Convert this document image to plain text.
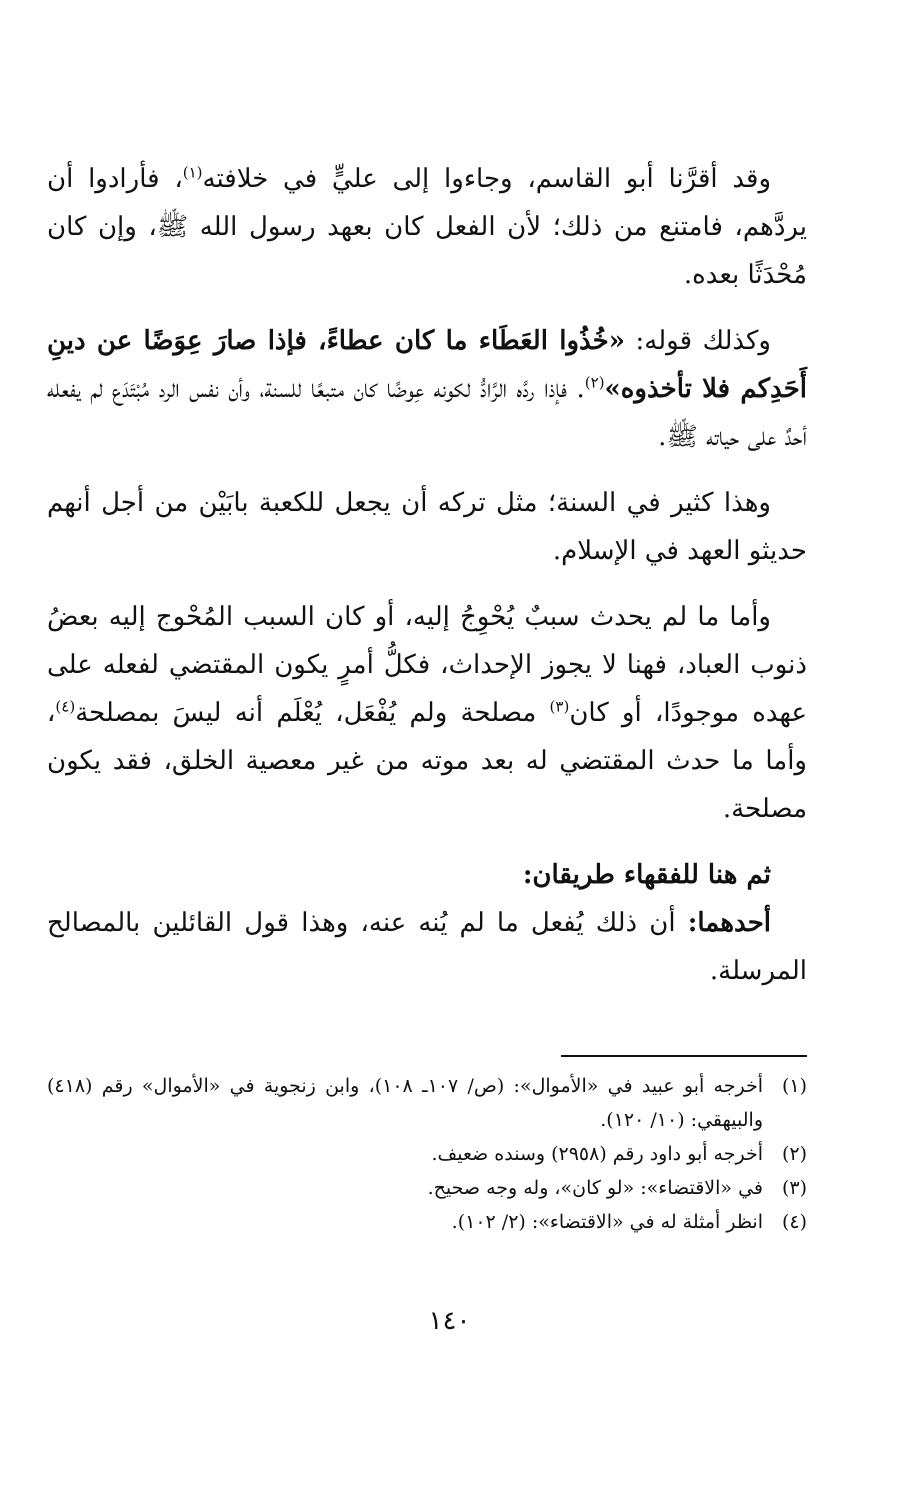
وقد أقرَّنا أبو القاسم، وجاءوا إلى عليٍّ في خلافته$^{(١)}$، فأرادوا أن يردَّهم، فامتنع من ذلك؛ لأن الفعل كان بعهد رسول الله ﷺ، وإن كان مُحْدَثًا بعده.

وكذلك قوله: «خُذُوا العَطَاء ما كان عطاءً، فإذا صارَ عِوَضًا عن دينِ أَحَدِكم فلا تأخذوه»$^{(٢)}$. فإذا ردَّه الرَّادُّ لكونه عِوضًا كان متبعًا للسنة، وأن نفس الرد مُبْتَدَع لم يفعله أحدٌ على حياته ﷺ.

وهذا كثير في السنة؛ مثل تركه أن يجعل للكعبة بابَيْن من أجل أنهم حديثو العهد في الإسلام.

وأما ما لم يحدث سببٌ يُحْوِجُ إليه، أو كان السبب المُحْوج إليه بعضُ ذنوب العباد، فهنا لا يجوز الإحداث، فكلُّ أمرٍ يكون المقتضي لفعله على عهده موجودًا، أو كان$^{(٣)}$ مصلحة ولم يُفْعَل، يُعْلَم أنه ليسَ بمصلحة$^{(٤)}$، وأما ما حدث المقتضي له بعد موته من غير معصية الخلق، فقد يكون مصلحة.

ثم هنا للفقهاء طريقان:

أحدهما: أن ذلك يُفعل ما لم يُنه عنه، وهذا قول القائلين بالمصالح المرسلة.

(١)
أخرجه أبو عبيد في «الأموال»: (ص/ ١٠٧ـ ١٠٨)، وابن زنجوية في «الأموال» رقم (٤١٨) والبيهقي: (١٠/ ١٢٠).
(٢)
أخرجه أبو داود رقم (٢٩٥٨) وسنده ضعيف.
(٣)
في «الاقتضاء»: «لو كان»، وله وجه صحيح.
(٤)
انظر أمثلة له في «الاقتضاء»: (٢/ ١٠٢).
١٤٠
